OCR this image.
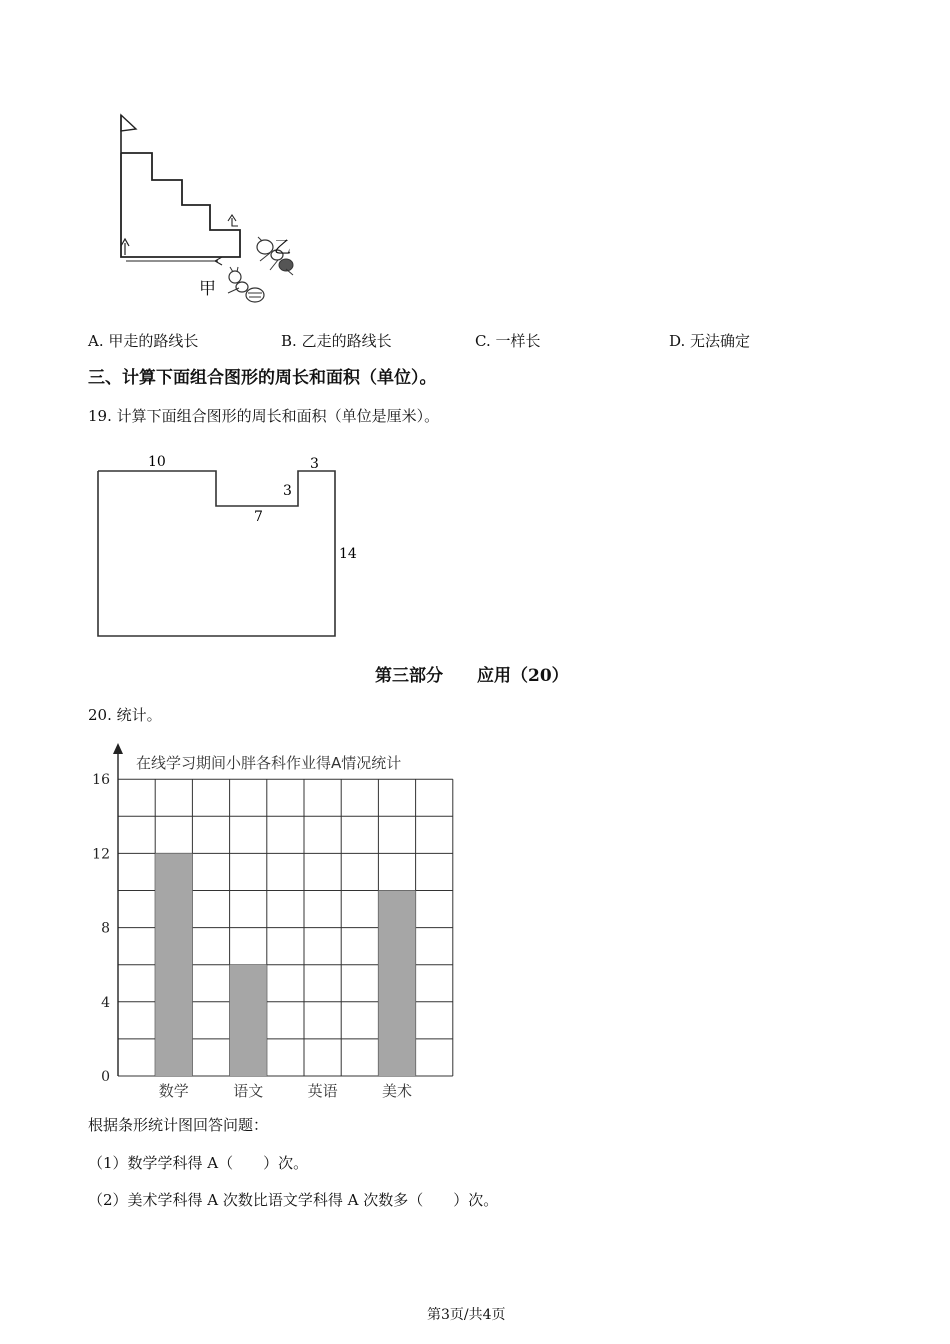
甲
乙
A. 甲走的路线长	B. 乙走的路线长	C. 一样长	D. 无法确定
三、计算下面组合图形的周长和面积（单位）。
19. 计算下面组合图形的周长和面积（单位是厘米）。
10	3
3
7
14
第三部分　　应用（20）
20. 统计。
0
4
8
12
16
数学	语文	英语	美术
在线学习期间小胖各科作业得A情况统计
根据条形统计图回答问题：
（1）数学学科得 A（　　）次。
（2）美术学科得 A 次数比语文学科得 A 次数多（　　）次。
第3页/共4页
